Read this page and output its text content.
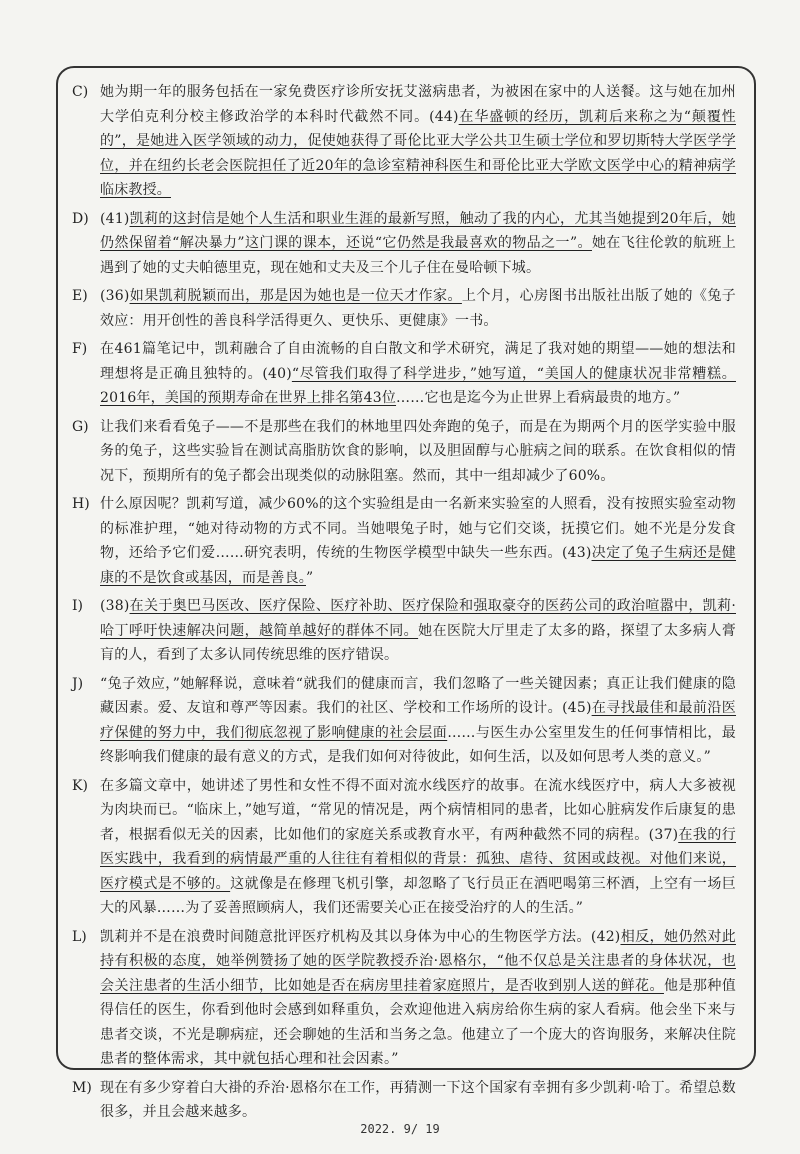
C) 她为期一年的服务包括在一家免费医疗诊所安抚艾滋病患者，为被困在家中的人送餐。这与她在加州大学伯克利分校主修政治学的本科时代截然不同。(44)在华盛顿的经历，凯莉后来称之为“颠覆性的”，是她进入医学领域的动力，促使她获得了哥伦比亚大学公共卫生硕士学位和罗切斯特大学医学学位，并在纽约长老会医院担任了近20年的急诊室精神科医生和哥伦比亚大学欧文医学中心的精神病学临床教授。
D) (41)凯莉的这封信是她个人生活和职业生涯的最新写照，触动了我的内心，尤其当她提到20年后，她仍然保留着“解决暴力”这门课的课本，还说“它仍然是我最喜欢的物品之一”。她在飞往伦敦的航班上遇到了她的丈夫帕德里克，现在她和丈夫及三个儿子住在曼哈顿下城。
E) (36)如果凯莉脱颖而出，那是因为她也是一位天才作家。上个月，心房图书出版社出版了她的《兔子效应：用开创性的善良科学活得更久、更快乐、更健康》一书。
F) 在461篇笔记中，凯莉融合了自由流畅的自白散文和学术研究，满足了我对她的期望——她的想法和理想将是正确且独特的。(40)“尽管我们取得了科学进步，”她写道，“美国人的健康状况非常糟糕。2016年，美国的预期寿命在世界上排名第43位……它也是迄今为止世界上看病最贵的地方。”
G) 让我们来看看兔子——不是那些在我们的林地里四处奔跑的兔子，而是在为期两个月的医学实验中服务的兔子，这些实验旨在测试高脂肪饮食的影响，以及胆固醇与心脏病之间的联系。在饮食相似的情况下，预期所有的兔子都会出现类似的动脉阻塞。然而，其中一组却减少了60%。
H) 什么原因呢？凯莉写道，减少60%的这个实验组是由一名新来实验室的人照看，没有按照实验室动物的标准护理，“她对待动物的方式不同。当她喂兔子时，她与它们交谈，抚摸它们。她不光是分发食物，还给予它们爱……研究表明，传统的生物医学模型中缺失一些东西。(43)决定了兔子生病还是健康的不是饮食或基因，而是善良。”
I)	(38)在关于奥巴马医改、医疗保险、医疗补助、医疗保险和强取豪夺的医药公司的政治喧嚣中，凯莉·哈丁呼吁快速解决问题，越简单越好的群体不同。她在医院大厅里走了太多的路，探望了太多病人膏肓的人，看到了太多认同传统思维的医疗错误。
J)	“兔子效应，”她解释说，意味着“就我们的健康而言，我们忽略了一些关键因素；真正让我们健康的隐藏因素。爱、友谊和尊严等因素。我们的社区、学校和工作场所的设计。(45)在寻找最佳和最前沿医疗保健的努力中，我们彻底忽视了影响健康的社会层面……与医生办公室里发生的任何事情相比，最终影响我们健康的最有意义的方式，是我们如何对待彼此，如何生活，以及如何思考人类的意义。”
K) 在多篇文章中，她讲述了男性和女性不得不面对流水线医疗的故事。在流水线医疗中，病人大多被视为肉块而已。“临床上，”她写道，“常见的情况是，两个病情相同的患者，比如心脏病发作后康复的患者，根据看似无关的因素，比如他们的家庭关系或教育水平，有两种截然不同的病程。(37)在我的行医实践中，我看到的病情最严重的人往往有着相似的背景：孤独、虐待、贫困或歧视。对他们来说，医疗模式是不够的。这就像是在修理飞机引擎，却忽略了飞行员正在酒吧喝第三杯酒，上空有一场巨大的风暴……为了妥善照顾病人，我们还需要关心正在接受治疗的人的生活。”
L) 凯莉并不是在浪费时间随意批评医疗机构及其以身体为中心的生物医学方法。(42)相反，她仍然对此持有积极的态度，她举例赞扬了她的医学院教授乔治·恩格尔，“他不仅总是关注患者的身体状况，也会关注患者的生活小细节，比如她是否在病房里挂着家庭照片，是否收到别人送的鲜花。他是那种值得信任的医生，你看到他时会感到如释重负，会欢迎他进入病房给你生病的家人看病。他会坐下来与患者交谈，不光是聊病症，还会聊她的生活和当务之急。他建立了一个庞大的咨询服务，来解决住院患者的整体需求，其中就包括心理和社会因素。”
M) 现在有多少穿着白大褂的乔治·恩格尔在工作，再猜测一下这个国家有幸拥有多少凯莉·哈丁。希望总数很多，并且会越来越多。
2022. 9/ 19
